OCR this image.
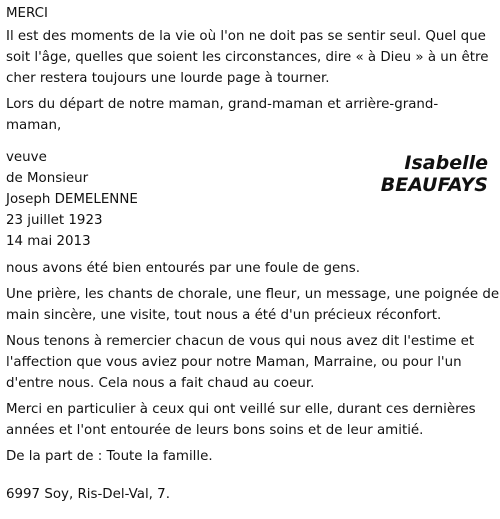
MERCI
Il est des moments de la vie où l'on ne doit pas se sentir seul. Quel que
soit l'âge, quelles que soient les circonstances, dire « à Dieu » à un être
cher restera toujours une lourde page à tourner.
Lors du départ de notre maman, grand-maman et arrière-grand-
maman,
veuve
de Monsieur
Joseph DEMELENNE
23 juillet 1923
14 mai 2013
Isabelle
BEAUFAYS
nous avons été bien entourés par une foule de gens.
Une prière, les chants de chorale, une fleur, un message, une poignée de
main sincère, une visite, tout nous a été d'un précieux réconfort.
Nous tenons à remercier chacun de vous qui nous avez dit l'estime et
l'affection que vous aviez pour notre Maman, Marraine, ou pour l'un
d'entre nous. Cela nous a fait chaud au coeur.
Merci en particulier à ceux qui ont veillé sur elle, durant ces dernières
années et l'ont entourée de leurs bons soins et de leur amitié.
De la part de : Toute la famille.
6997 Soy, Ris-Del-Val, 7.
